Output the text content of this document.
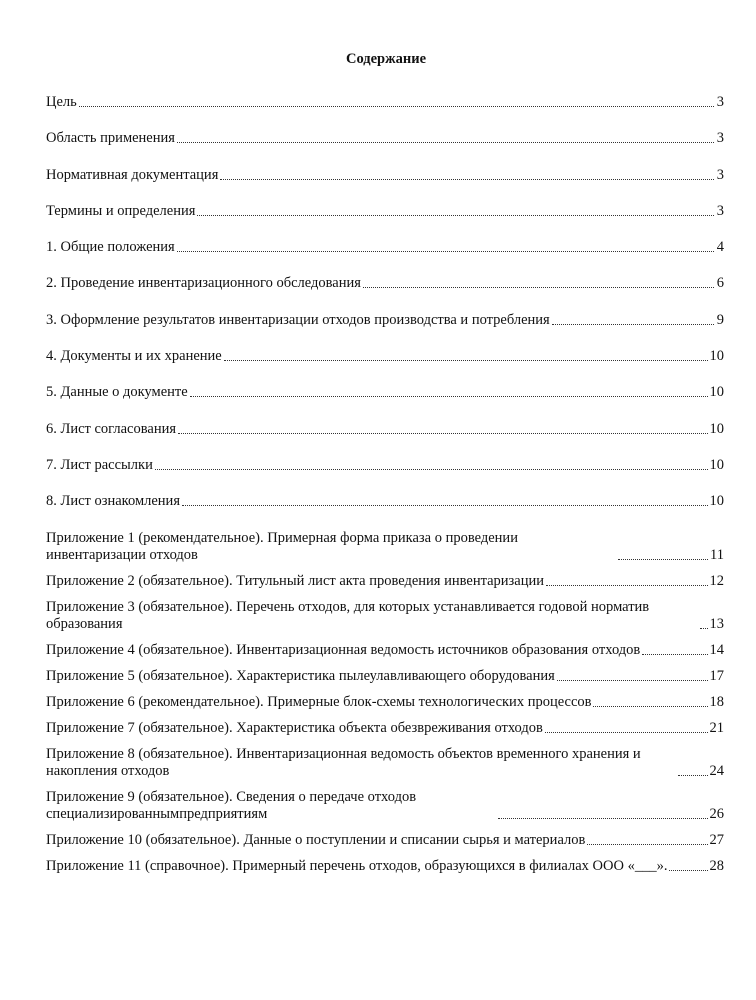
Содержание
Цель	3
Область применения	3
Нормативная документация	3
Термины и определения	3
1. Общие положения	4
2. Проведение инвентаризационного обследования	6
3. Оформление результатов инвентаризации отходов производства и потребления	9
4. Документы и их хранение	10
5. Данные о документе	10
6. Лист согласования	10
7. Лист рассылки	10
8. Лист ознакомления	10
Приложение 1 (рекомендательное). Примерная форма приказа о проведении инвентаризации отходов	11
Приложение 2 (обязательное). Титульный лист акта проведения инвентаризации	12
Приложение 3 (обязательное). Перечень отходов, для которых устанавливается годовой норматив образования	13
Приложение 4 (обязательное). Инвентаризационная ведомость источников образования отходов	14
Приложение 5 (обязательное). Характеристика пылеулавливающего оборудования	17
Приложение 6 (рекомендательное). Примерные блок-схемы технологических процессов	18
Приложение 7 (обязательное). Характеристика объекта обезвреживания отходов	21
Приложение 8 (обязательное). Инвентаризационная ведомость объектов временного хранения и накопления отходов	24
Приложение 9 (обязательное). Сведения о передаче отходов специализированнымпредприятиям	26
Приложение 10 (обязательное). Данные о поступлении и списании сырья и материалов	27
Приложение 11 (справочное). Примерный перечень отходов, образующихся в филиалах ООО «___».	28
